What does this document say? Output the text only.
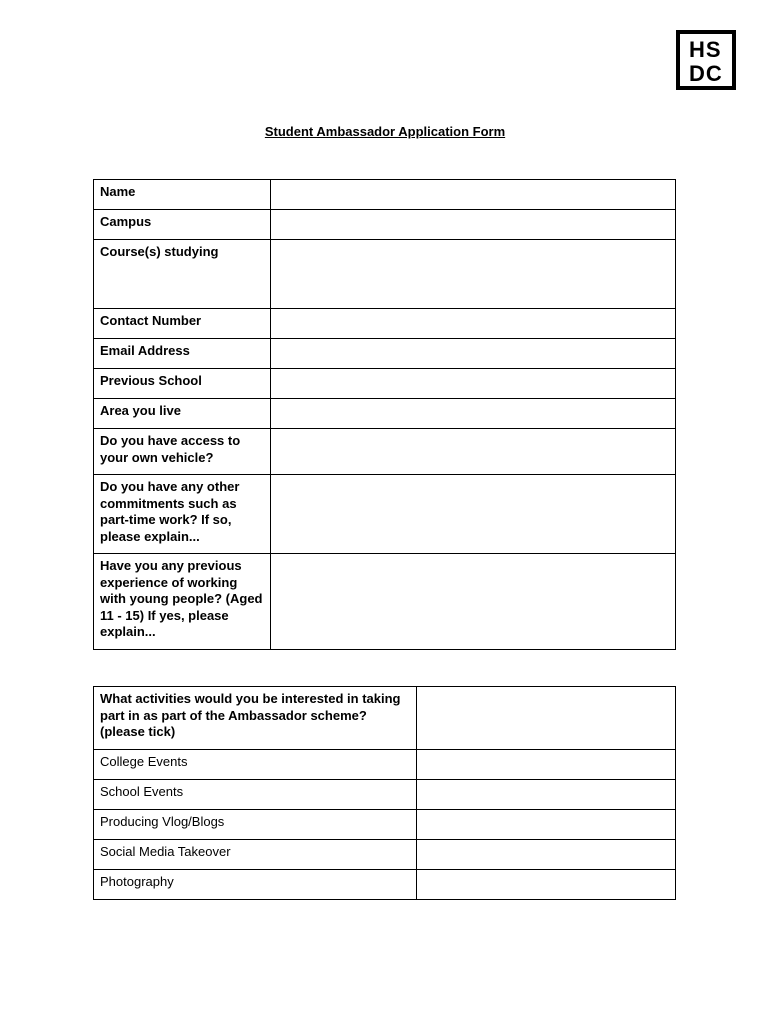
HS
DC
Student Ambassador Application Form
Name	
Campus	
Course(s) studying	
Contact Number	
Email Address	
Previous School	
Area you live	
Do you have access to your own vehicle?	
Do you have any other commitments such as part-time work? If so, please explain...	
Have you any previous experience of working with young people? (Aged 11 - 15) If yes, please explain...	
What activities would you be interested in taking part in as part of the Ambassador scheme? (please tick)	
College Events	
School Events	
Producing Vlog/Blogs	
Social Media Takeover	
Photography	
